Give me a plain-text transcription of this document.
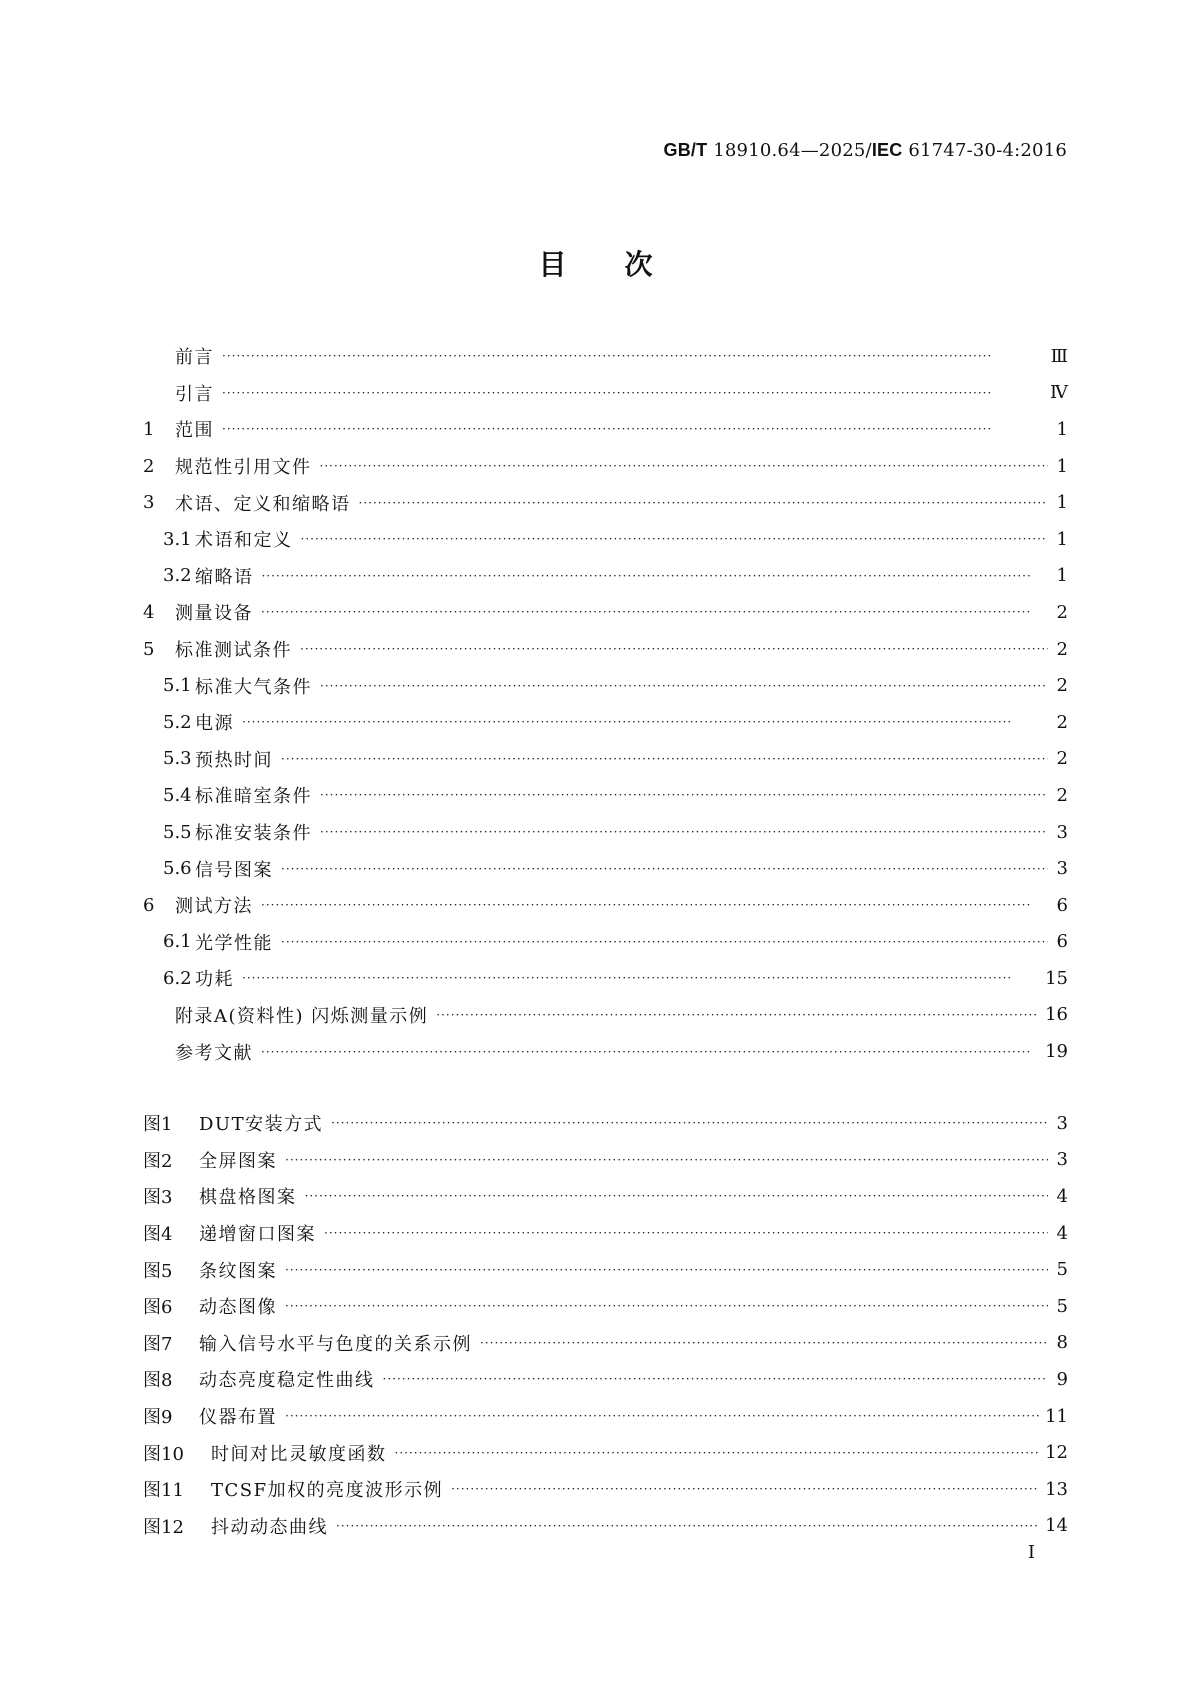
GB/T 18910.64—2025/IEC 61747-30-4:2016
目次
前言 ·····	Ⅲ
引言 ·····	Ⅳ
1	范围 ·····	1
2	规范性引用文件 ·····	1
3	术语、定义和缩略语 ·····	1
3.1 术语和定义 ·····	1
3.2 缩略语 ·····	1
4	测量设备 ·····	2
5	标准测试条件 ·····	2
5.1 标准大气条件 ·····	2
5.2 电源 ·····	2
5.3 预热时间 ·····	2
5.4 标准暗室条件 ·····	2
5.5 标准安装条件 ·····	3
5.6 信号图案 ·····	3
6	测试方法 ·····	6
6.1 光学性能 ·····	6
6.2 功耗 ·····	15
附录A(资料性) 闪烁测量示例 ·····	16
参考文献 ·····	19
图1	DUT安装方式 ·····	3
图2	全屏图案 ·····	3
图3	棋盘格图案 ·····	4
图4	递增窗口图案 ·····	4
图5	条纹图案 ·····	5
图6	动态图像 ·····	5
图7	输入信号水平与色度的关系示例 ·····	8
图8	动态亮度稳定性曲线 ·····	9
图9	仪器布置 ·····	11
图10	时间对比灵敏度函数 ·····	12
图11	TCSF加权的亮度波形示例 ·····	13
图12	抖动动态曲线 ·····	14
Ⅰ
